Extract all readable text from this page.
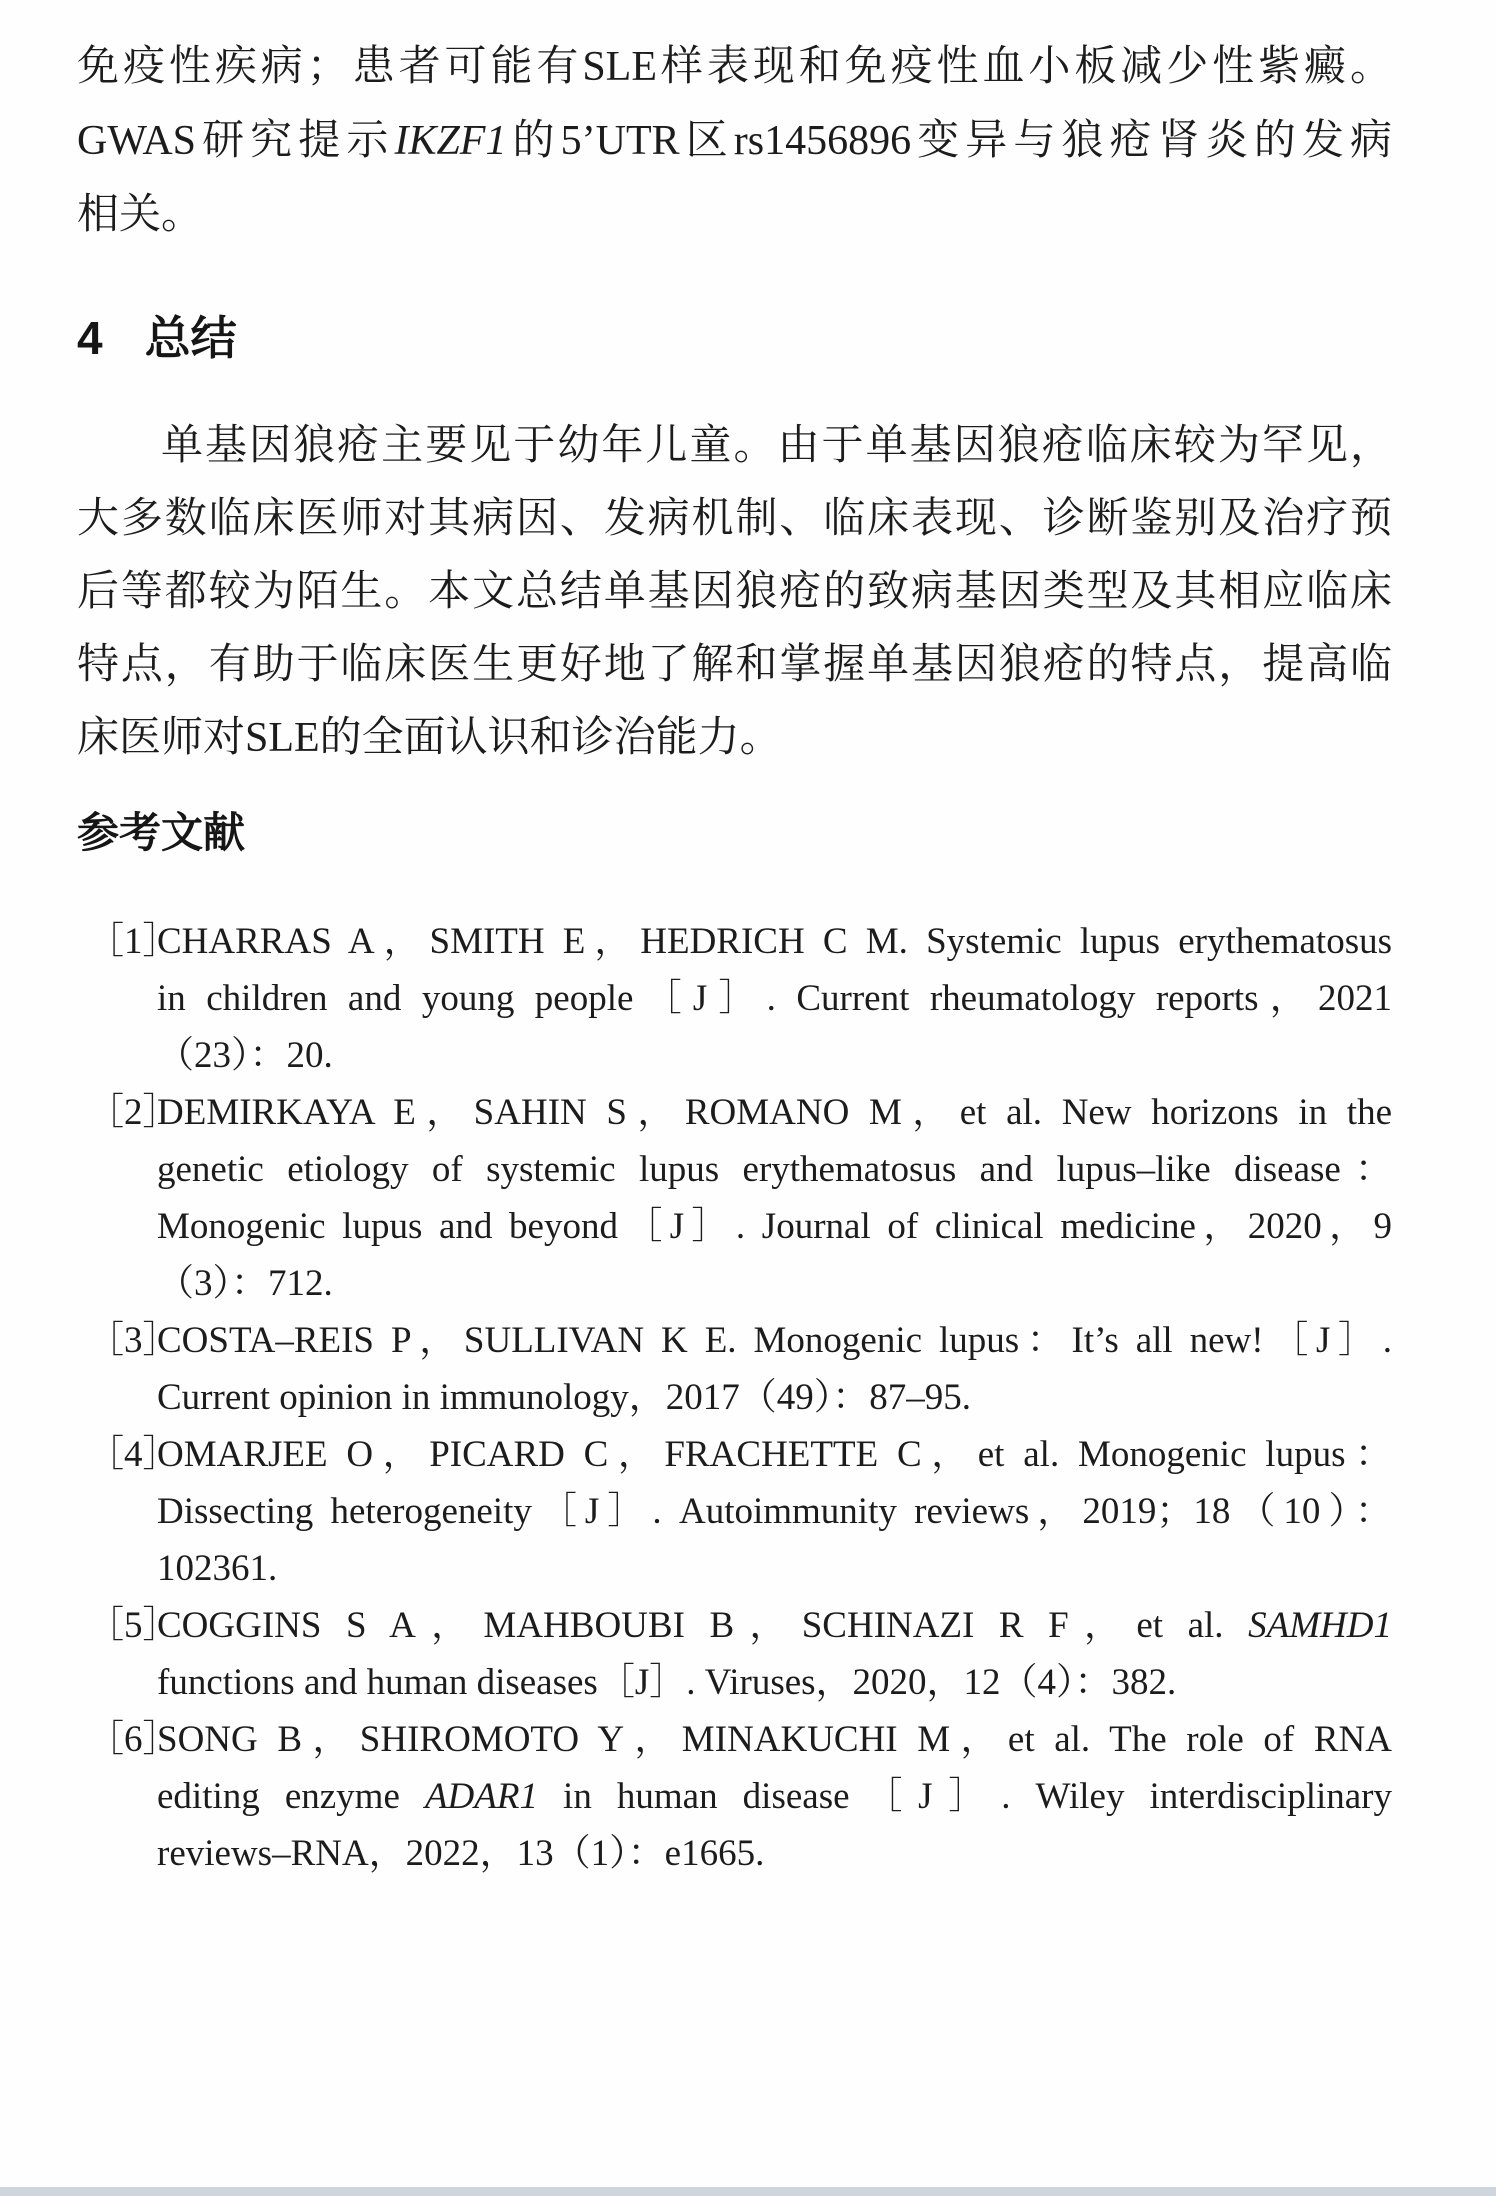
免疫性疾病；患者可能有SLE样表现和免疫性血小板减少性紫癜。
GWAS研究提示IKZF1的5’UTR区rs1456896变异与狼疮肾炎的发病
相关。
4 总结
单基因狼疮主要见于幼年儿童。由于单基因狼疮临床较为罕见，
大多数临床医师对其病因、发病机制、临床表现、诊断鉴别及治疗预
后等都较为陌生。本文总结单基因狼疮的致病基因类型及其相应临床
特点，有助于临床医生更好地了解和掌握单基因狼疮的特点，提高临
床医师对SLE的全面认识和诊治能力。
参考文献
［1］
CHARRAS A，SMITH E，HEDRICH C M. Systemic lupus erythematosus
in children and young people［J］. Current rheumatology reports，2021
（23）：20.
［2］
DEMIRKAYA E，SAHIN S，ROMANO M，et al. New horizons in the
genetic etiology of systemic lupus erythematosus and lupus–like disease：
Monogenic lupus and beyond［J］. Journal of clinical medicine，2020，9
（3）：712.
［3］
COSTA–REIS P，SULLIVAN K E. Monogenic lupus：It’s all new!［J］.
Current opinion in immunology，2017（49）：87–95.
［4］
OMARJEE O，PICARD C，FRACHETTE C，et al. Monogenic lupus：
Dissecting heterogeneity［J］. Autoimmunity reviews，2019；18（10）：
102361.
［5］
COGGINS S A，MAHBOUBI B，SCHINAZI R F，et al. SAMHD1
functions and human diseases［J］. Viruses，2020，12（4）：382.
［6］
SONG B，SHIROMOTO Y，MINAKUCHI M，et al. The role of RNA
editing enzyme ADAR1 in human disease［J］. Wiley interdisciplinary
reviews–RNA，2022，13（1）：e1665.
